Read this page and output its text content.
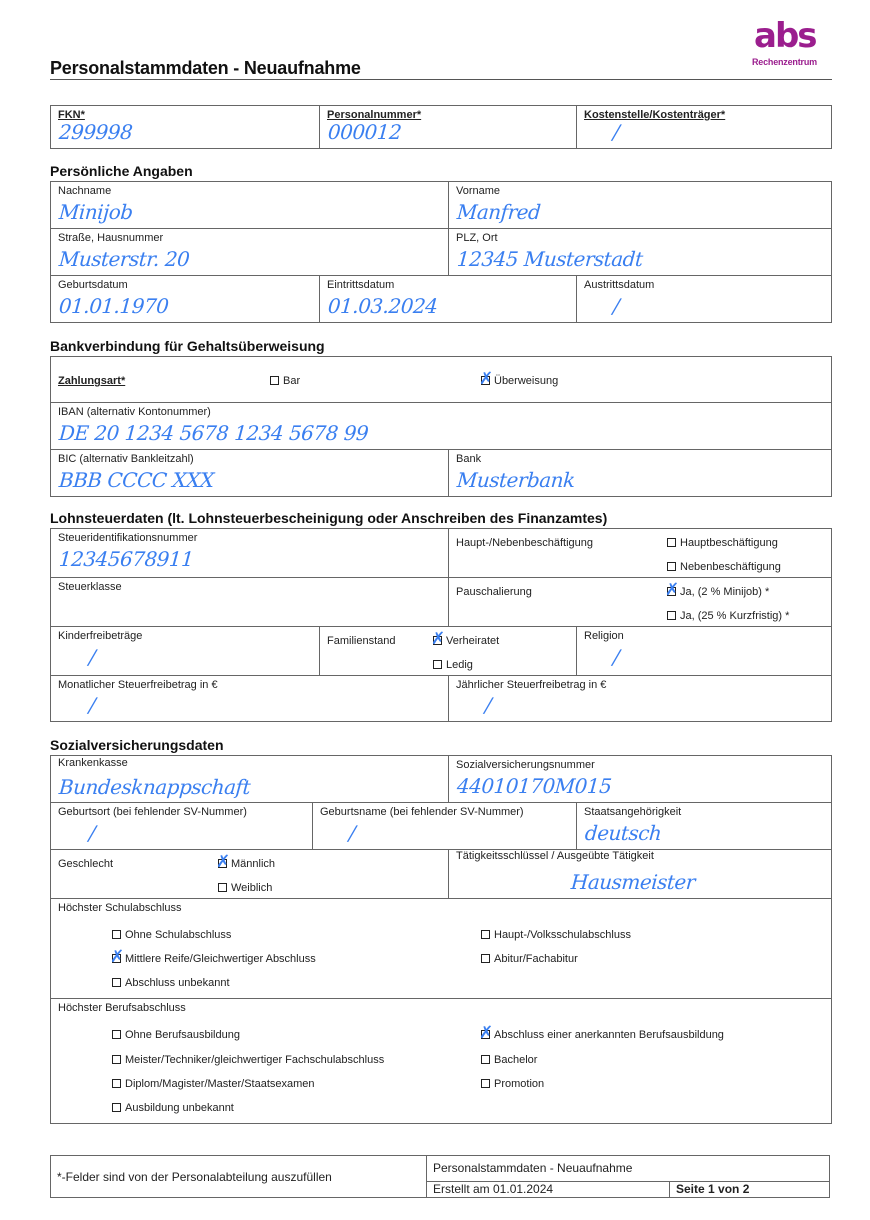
Personalstammdaten - Neuaufnahme
abs
Rechenzentrum
FKN*
299998
Personalnummer*
000012
Kostenstelle/Kostenträger*
/
Persönliche Angaben
Nachname
Minijob
Vorname
Manfred
Straße, Hausnummer
Musterstr. 20
PLZ, Ort
12345 Musterstadt
Geburtsdatum
01.01.1970
Eintrittsdatum
01.03.2024
Austrittsdatum
/
Bankverbindung für Gehaltsüberweisung
Zahlungsart*	Bar ✗	Überweisung
IBAN (alternativ Kontonummer)
DE 20 1234 5678 1234 5678 99
BIC (alternativ Bankleitzahl)
BBB CCCC XXX
Bank
Musterbank
Lohnsteuerdaten (lt. Lohnsteuerbescheinigung oder Anschreiben des Finanzamtes)
Steueridentifikationsnummer
12345678911
Haupt-/Nebenbeschäftigung	Hauptbeschäftigung
Nebenbeschäftigung
Steuerklasse	Pauschalierung ✗	Ja, (2 % Minijob) *
Ja, (25 % Kurzfristig) *
Kinderfreibeträge
/
Familienstand ✗	Verheiratet
Ledig
Religion
/
Monatlicher Steuerfreibetrag in €
/
Jährlicher Steuerfreibetrag in €
/
Sozialversicherungsdaten
Krankenkasse
Bundesknappschaft
Sozialversicherungsnummer
44010170M015
Geburtsort (bei fehlender SV-Nummer)
/
Geburtsname (bei fehlender SV-Nummer)
/
Staatsangehörigkeit
deutsch
Geschlecht ✗	Männlich
Weiblich
Tätigkeitsschlüssel / Ausgeübte Tätigkeit
Hausmeister
Höchster Schulabschluss
Ohne Schulabschluss	Haupt-/Volksschulabschluss
✗Mittlere Reife/Gleichwertiger Abschluss	Abitur/Fachabitur
Abschluss unbekannt
Höchster Berufsabschluss
Ohne Berufsausbildung ✗	Abschluss einer anerkannten Berufsausbildung
Meister/Techniker/gleichwertiger Fachschulabschluss	Bachelor
Diplom/Magister/Master/Staatsexamen	Promotion
Ausbildung unbekannt
*-Felder sind von der Personalabteilung auszufüllen	Personalstammdaten - Neuaufnahme	
	Erstellt am 01.01.2024	Seite 1 von 2
